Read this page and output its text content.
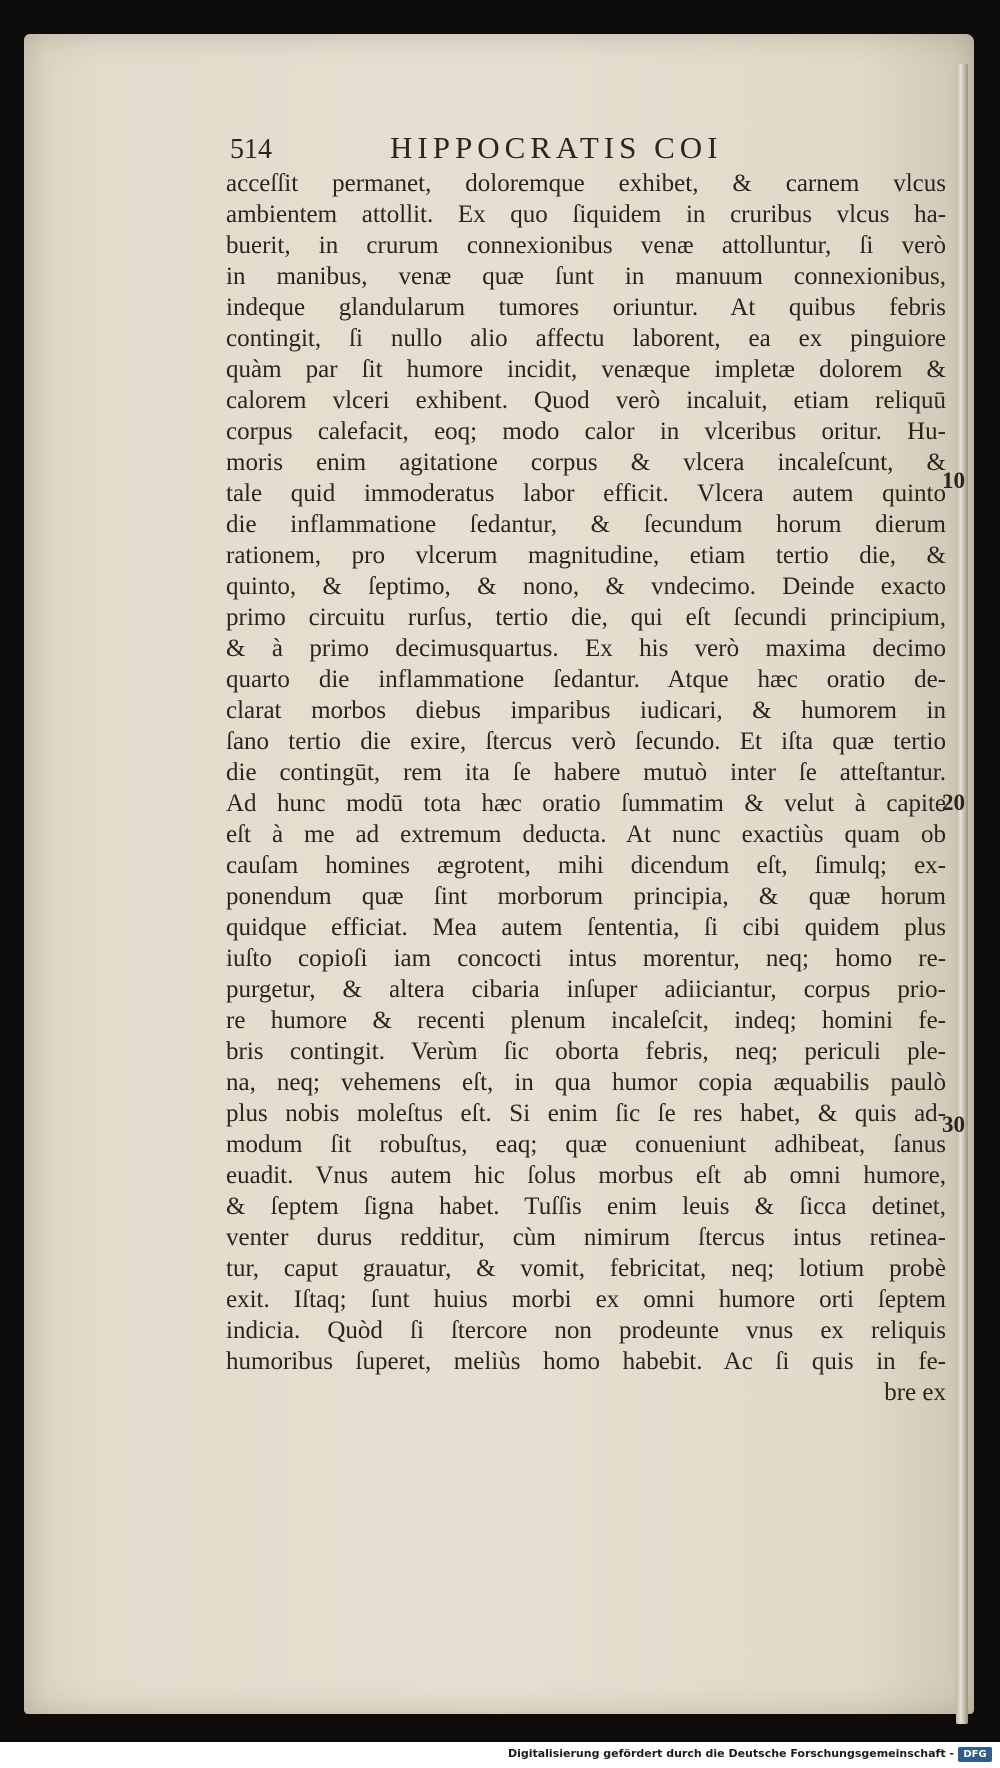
514	HIPPOCRATIS COI
acceſſit permanet, doloremque exhibet, & carnem vlcus
ambientem attollit. Ex quo ſiquidem in cruribus vlcus ha-
buerit, in crurum connexionibus venæ attolluntur, ſi verò
in manibus, venæ quæ ſunt in manuum connexionibus,
indeque glandularum tumores oriuntur. At quibus febris
contingit, ſi nullo alio affectu laborent, ea ex pinguiore
quàm par ſit humore incidit, venæque impletæ dolorem &
calorem vlceri exhibent. Quod verò incaluit, etiam reliquū
corpus calefacit, eoq; modo calor in vlceribus oritur. Hu-
moris enim agitatione corpus & vlcera incaleſcunt, &
tale quid immoderatus labor efficit. Vlcera autem quinto
die inflammatione ſedantur, & ſecundum horum dierum
rationem, pro vlcerum magnitudine, etiam tertio die, &
quinto, & ſeptimo, & nono, & vndecimo. Deinde exacto
primo circuitu rurſus, tertio die, qui eſt ſecundi principium,
& à primo decimusquartus. Ex his verò maxima decimo
quarto die inflammatione ſedantur. Atque hæc oratio de-
clarat morbos diebus imparibus iudicari, & humorem in
ſano tertio die exire, ſtercus verò ſecundo. Et iſta quæ tertio
die contingūt, rem ita ſe habere mutuò inter ſe atteſtantur.
Ad hunc modū tota hæc oratio ſummatim & velut à capite
eſt à me ad extremum deducta. At nunc exactiùs quam ob
cauſam homines ægrotent, mihi dicendum eſt, ſimulq; ex-
ponendum quæ ſint morborum principia, & quæ horum
quidque efficiat. Mea autem ſententia, ſi cibi quidem plus
iuſto copioſi iam concocti intus morentur, neq; homo re-
purgetur, & altera cibaria inſuper adiiciantur, corpus prio-
re humore & recenti plenum incaleſcit, indeq; homini fe-
bris contingit. Verùm ſic oborta febris, neq; periculi ple-
na, neq; vehemens eſt, in qua humor copia æquabilis paulò
plus nobis moleſtus eſt. Si enim ſic ſe res habet, & quis ad-
modum ſit robuſtus, eaq; quæ conueniunt adhibeat, ſanus
euadit. Vnus autem hic ſolus morbus eſt ab omni humore,
& ſeptem ſigna habet. Tuſſis enim leuis & ſicca detinet,
venter durus redditur, cùm nimirum ſtercus intus retinea-
tur, caput grauatur, & vomit, febricitat, neq; lotium probè
exit. Iſtaq; ſunt huius morbi ex omni humore orti ſeptem
indicia. Quòd ſi ſtercore non prodeunte vnus ex reliquis
humoribus ſuperet, meliùs homo habebit. Ac ſi quis in fe-
bre ex
10
20
30
Digitalisierung gefördert durch die Deutsche Forschungsgemeinschaft - DFG
